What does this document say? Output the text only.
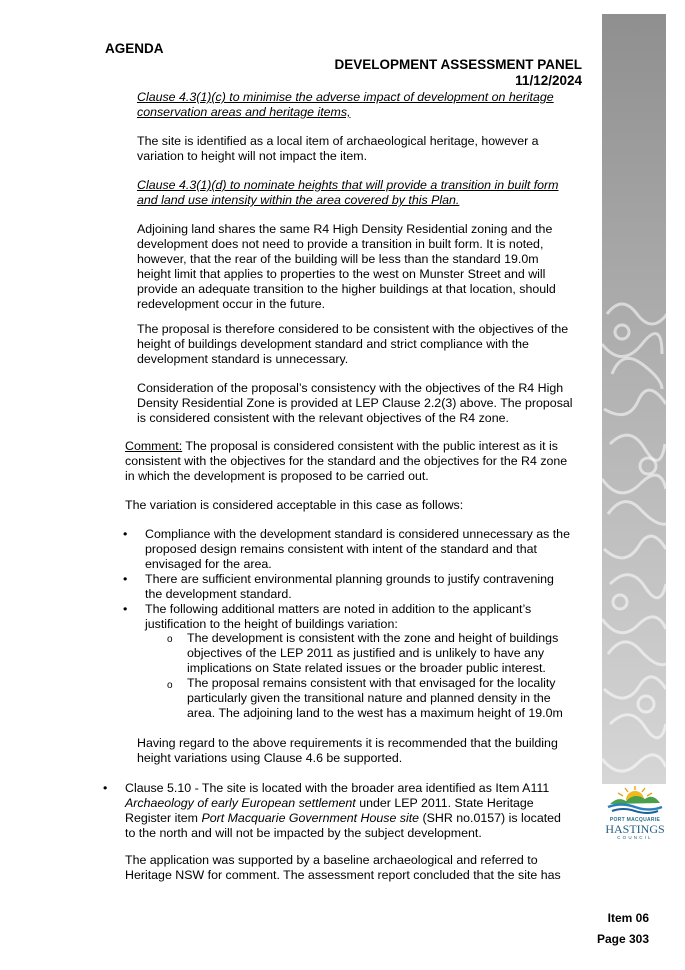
AGENDA
DEVELOPMENT ASSESSMENT PANEL
11/12/2024
Clause 4.3(1)(c) to minimise the adverse impact of development on heritage
conservation areas and heritage items,
The site is identified as a local item of archaeological heritage, however a
variation to height will not impact the item.
Clause 4.3(1)(d) to nominate heights that will provide a transition in built form
and land use intensity within the area covered by this Plan.
Adjoining land shares the same R4 High Density Residential zoning and the
development does not need to provide a transition in built form. It is noted,
however, that the rear of the building will be less than the standard 19.0m
height limit that applies to properties to the west on Munster Street and will
provide an adequate transition to the higher buildings at that location, should
redevelopment occur in the future.
The proposal is therefore considered to be consistent with the objectives of the
height of buildings development standard and strict compliance with the
development standard is unnecessary.
Consideration of the proposal’s consistency with the objectives of the R4 High
Density Residential Zone is provided at LEP Clause 2.2(3) above. The proposal
is considered consistent with the relevant objectives of the R4 zone.
Comment: The proposal is considered consistent with the public interest as it is
consistent with the objectives for the standard and the objectives for the R4 zone
in which the development is proposed to be carried out.
The variation is considered acceptable in this case as follows:
• Compliance with the development standard is considered unnecessary as the
proposed design remains consistent with intent of the standard and that
envisaged for the area.
• There are sufficient environmental planning grounds to justify contravening
the development standard.
• The following additional matters are noted in addition to the applicant’s
justification to the height of buildings variation:
o The development is consistent with the zone and height of buildings
objectives of the LEP 2011 as justified and is unlikely to have any
implications on State related issues or the broader public interest.
o The proposal remains consistent with that envisaged for the locality
particularly given the transitional nature and planned density in the
area. The adjoining land to the west has a maximum height of 19.0m
Having regard to the above requirements it is recommended that the building
height variations using Clause 4.6 be supported.
• Clause 5.10 - The site is located with the broader area identified as Item A111
Archaeology of early European settlement under LEP 2011. State Heritage
Register item Port Macquarie Government House site (SHR no.0157) is located
to the north and will not be impacted by the subject development.
The application was supported by a baseline archaeological and referred to
Heritage NSW for comment. The assessment report concluded that the site has
PORT MACQUARIE
HASTINGS
COUNCIL
Item 06
Page 303
